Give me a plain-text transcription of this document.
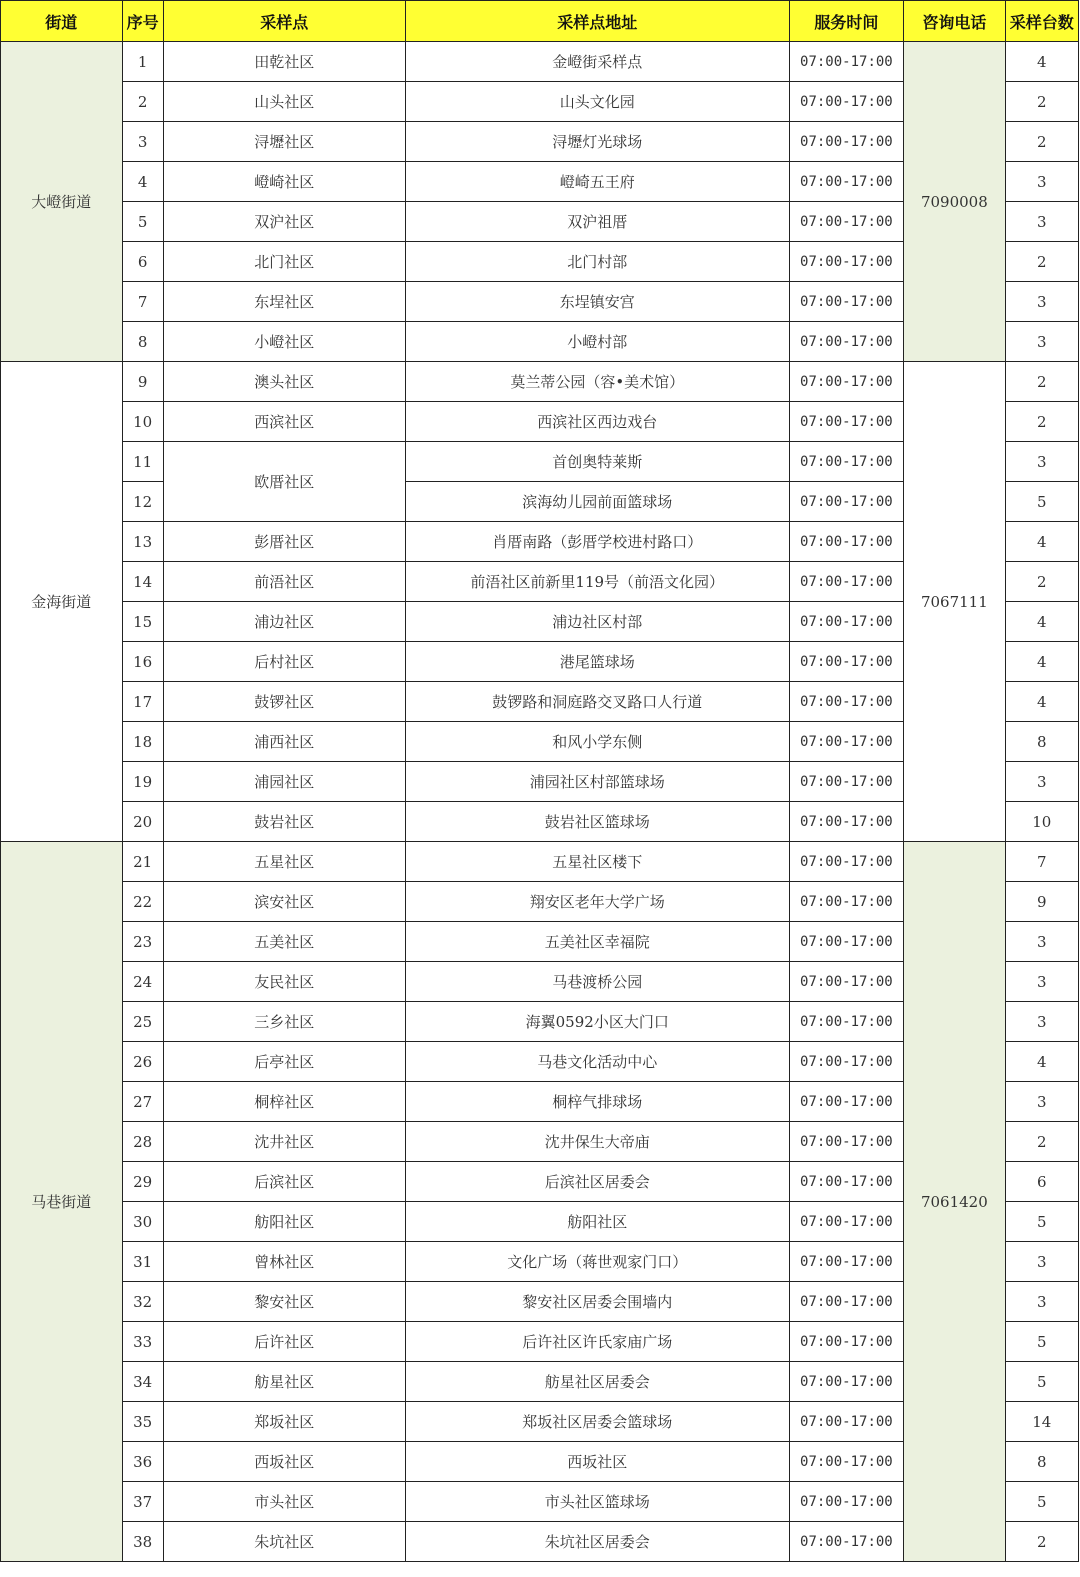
街道	序号	采样点	采样点地址	服务时间	咨询电话	采样台数
大嶝街道	1	田乾社区	金嶝街采样点	07:00-17:00	7090008	4
	2	山头社区	山头文化园	07:00-17:00		2
	3	浔壢社区	浔壢灯光球场	07:00-17:00		2
	4	嶝崎社区	嶝崎五王府	07:00-17:00		3
	5	双沪社区	双沪祖厝	07:00-17:00		3
	6	北门社区	北门村部	07:00-17:00		2
	7	东埕社区	东埕镇安宫	07:00-17:00		3
	8	小嶝社区	小嶝村部	07:00-17:00		3
金海街道	9	澳头社区	莫兰蒂公园（容•美术馆）	07:00-17:00	7067111	2
	10	西滨社区	西滨社区西边戏台	07:00-17:00		2
	11	欧厝社区	首创奥特莱斯	07:00-17:00		3
	12		滨海幼儿园前面篮球场	07:00-17:00		5
	13	彭厝社区	肖厝南路（彭厝学校进村路口）	07:00-17:00		4
	14	前浯社区	前浯社区前新里119号（前浯文化园）	07:00-17:00		2
	15	浦边社区	浦边社区村部	07:00-17:00		4
	16	后村社区	港尾篮球场	07:00-17:00		4
	17	鼓锣社区	鼓锣路和洞庭路交叉路口人行道	07:00-17:00		4
	18	浦西社区	和风小学东侧	07:00-17:00		8
	19	浦园社区	浦园社区村部篮球场	07:00-17:00		3
	20	鼓岩社区	鼓岩社区篮球场	07:00-17:00		10
马巷街道	21	五星社区	五星社区楼下	07:00-17:00	7061420	7
	22	滨安社区	翔安区老年大学广场	07:00-17:00		9
	23	五美社区	五美社区幸福院	07:00-17:00		3
	24	友民社区	马巷渡桥公园	07:00-17:00		3
	25	三乡社区	海翼0592小区大门口	07:00-17:00		3
	26	后亭社区	马巷文化活动中心	07:00-17:00		4
	27	桐梓社区	桐梓气排球场	07:00-17:00		3
	28	沈井社区	沈井保生大帝庙	07:00-17:00		2
	29	后滨社区	后滨社区居委会	07:00-17:00		6
	30	舫阳社区	舫阳社区	07:00-17:00		5
	31	曾林社区	文化广场（蒋世观家门口）	07:00-17:00		3
	32	黎安社区	黎安社区居委会围墙内	07:00-17:00		3
	33	后许社区	后许社区许氏家庙广场	07:00-17:00		5
	34	舫星社区	舫星社区居委会	07:00-17:00		5
	35	郑坂社区	郑坂社区居委会篮球场	07:00-17:00		14
	36	西坂社区	西坂社区	07:00-17:00		8
	37	市头社区	市头社区篮球场	07:00-17:00		5
	38	朱坑社区	朱坑社区居委会	07:00-17:00		2
